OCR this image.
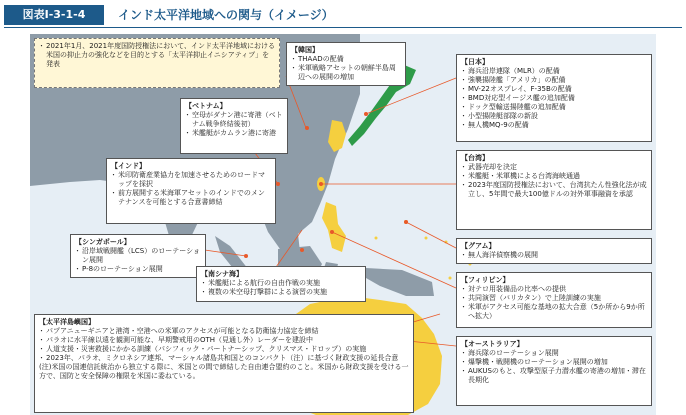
図表Ⅰ-3-1-4	インド太平洋地域への関与（イメージ）
・ 2021年1月、2021年度国防授権法において、インド太平洋地域における米国の抑止力の強化などを目的とする「太平洋抑止イニシアティブ」を発表
【韓国】
・ THAADの配備
・ 米軍戦略アセットの朝鮮半島周辺への展開の増加
【日本】
・ 海兵沿岸連隊（MLR）の配備
・ 強襲揚陸艦「アメリカ」の配備
・ MV-22オスプレイ、F-35Bの配備
・ BMD対応型イージス艦の追加配備
・ ドック型輸送揚陸艦の追加配備
・ 小型揚陸艇部隊の新設
・ 無人機MQ-9の配備
【ベトナム】
・ 空母がダナン港に寄港（ベトナム戦争終結後初）
・ 米艦艇がカムラン港に寄港
【インド】
・ 米印防衛産業協力を加速させるためのロードマップを採択
・ 前方展開する米海軍アセットのインドでのメンテナンスを可能とする合意書締結
【台湾】
・ 武器売却を決定
・ 米艦艇・米軍機による台湾海峡通過
・ 2023年度国防授権法において、台湾抗たん性強化法が成立し、5年間で最大100億ドルの対外軍事融資を承認
【シンガポール】
・ 沿岸域戦闘艦（LCS）のローテーション展開
・ P-8のローテーション展開
【グアム】
・ 無人海洋偵察機の展開
【南シナ海】
・ 米艦艇による航行の自由作戦の実施
・ 複数の米空母打撃群による演習の実施
【フィリピン】
・ 対テロ用装備品の比率への提供
・ 共同演習（バリカタン）で上陸訓練の実施
・ 米軍がアクセス可能な基地の拡大合意（5か所から9か所へ拡大）
【太平洋島嶼国】
・ パプアニューギニアと港湾・空港への米軍のアクセスが可能となる防衛協力協定を締結
・ パラオに水平線以遠を観測可能な、早期警戒用のOTH（見通し外）レーダーを建設中
・ 人道支援・災害救援にかかる訓練（パシフィック・パートナーシップ、クリスマス・ドロップ）の実施
・ 2023年、パラオ、ミクロネシア連邦、マーシャル諸島共和国とのコンパクト（注）に基づく財政支援の延長合意
(注)米国の国連信託統治から独立する際に、米国との間で締結した自由連合盟約のこと。米国から財政支援を受ける一方で、国防と安全保障の権限を米国に委ねている。
【オーストラリア】
・ 海兵隊のローテーション展開
・ 爆撃機・戦闘機のローテーション展開の増加
・ AUKUSのもと、攻撃型原子力潜水艦の寄港の増加・滞在長期化
